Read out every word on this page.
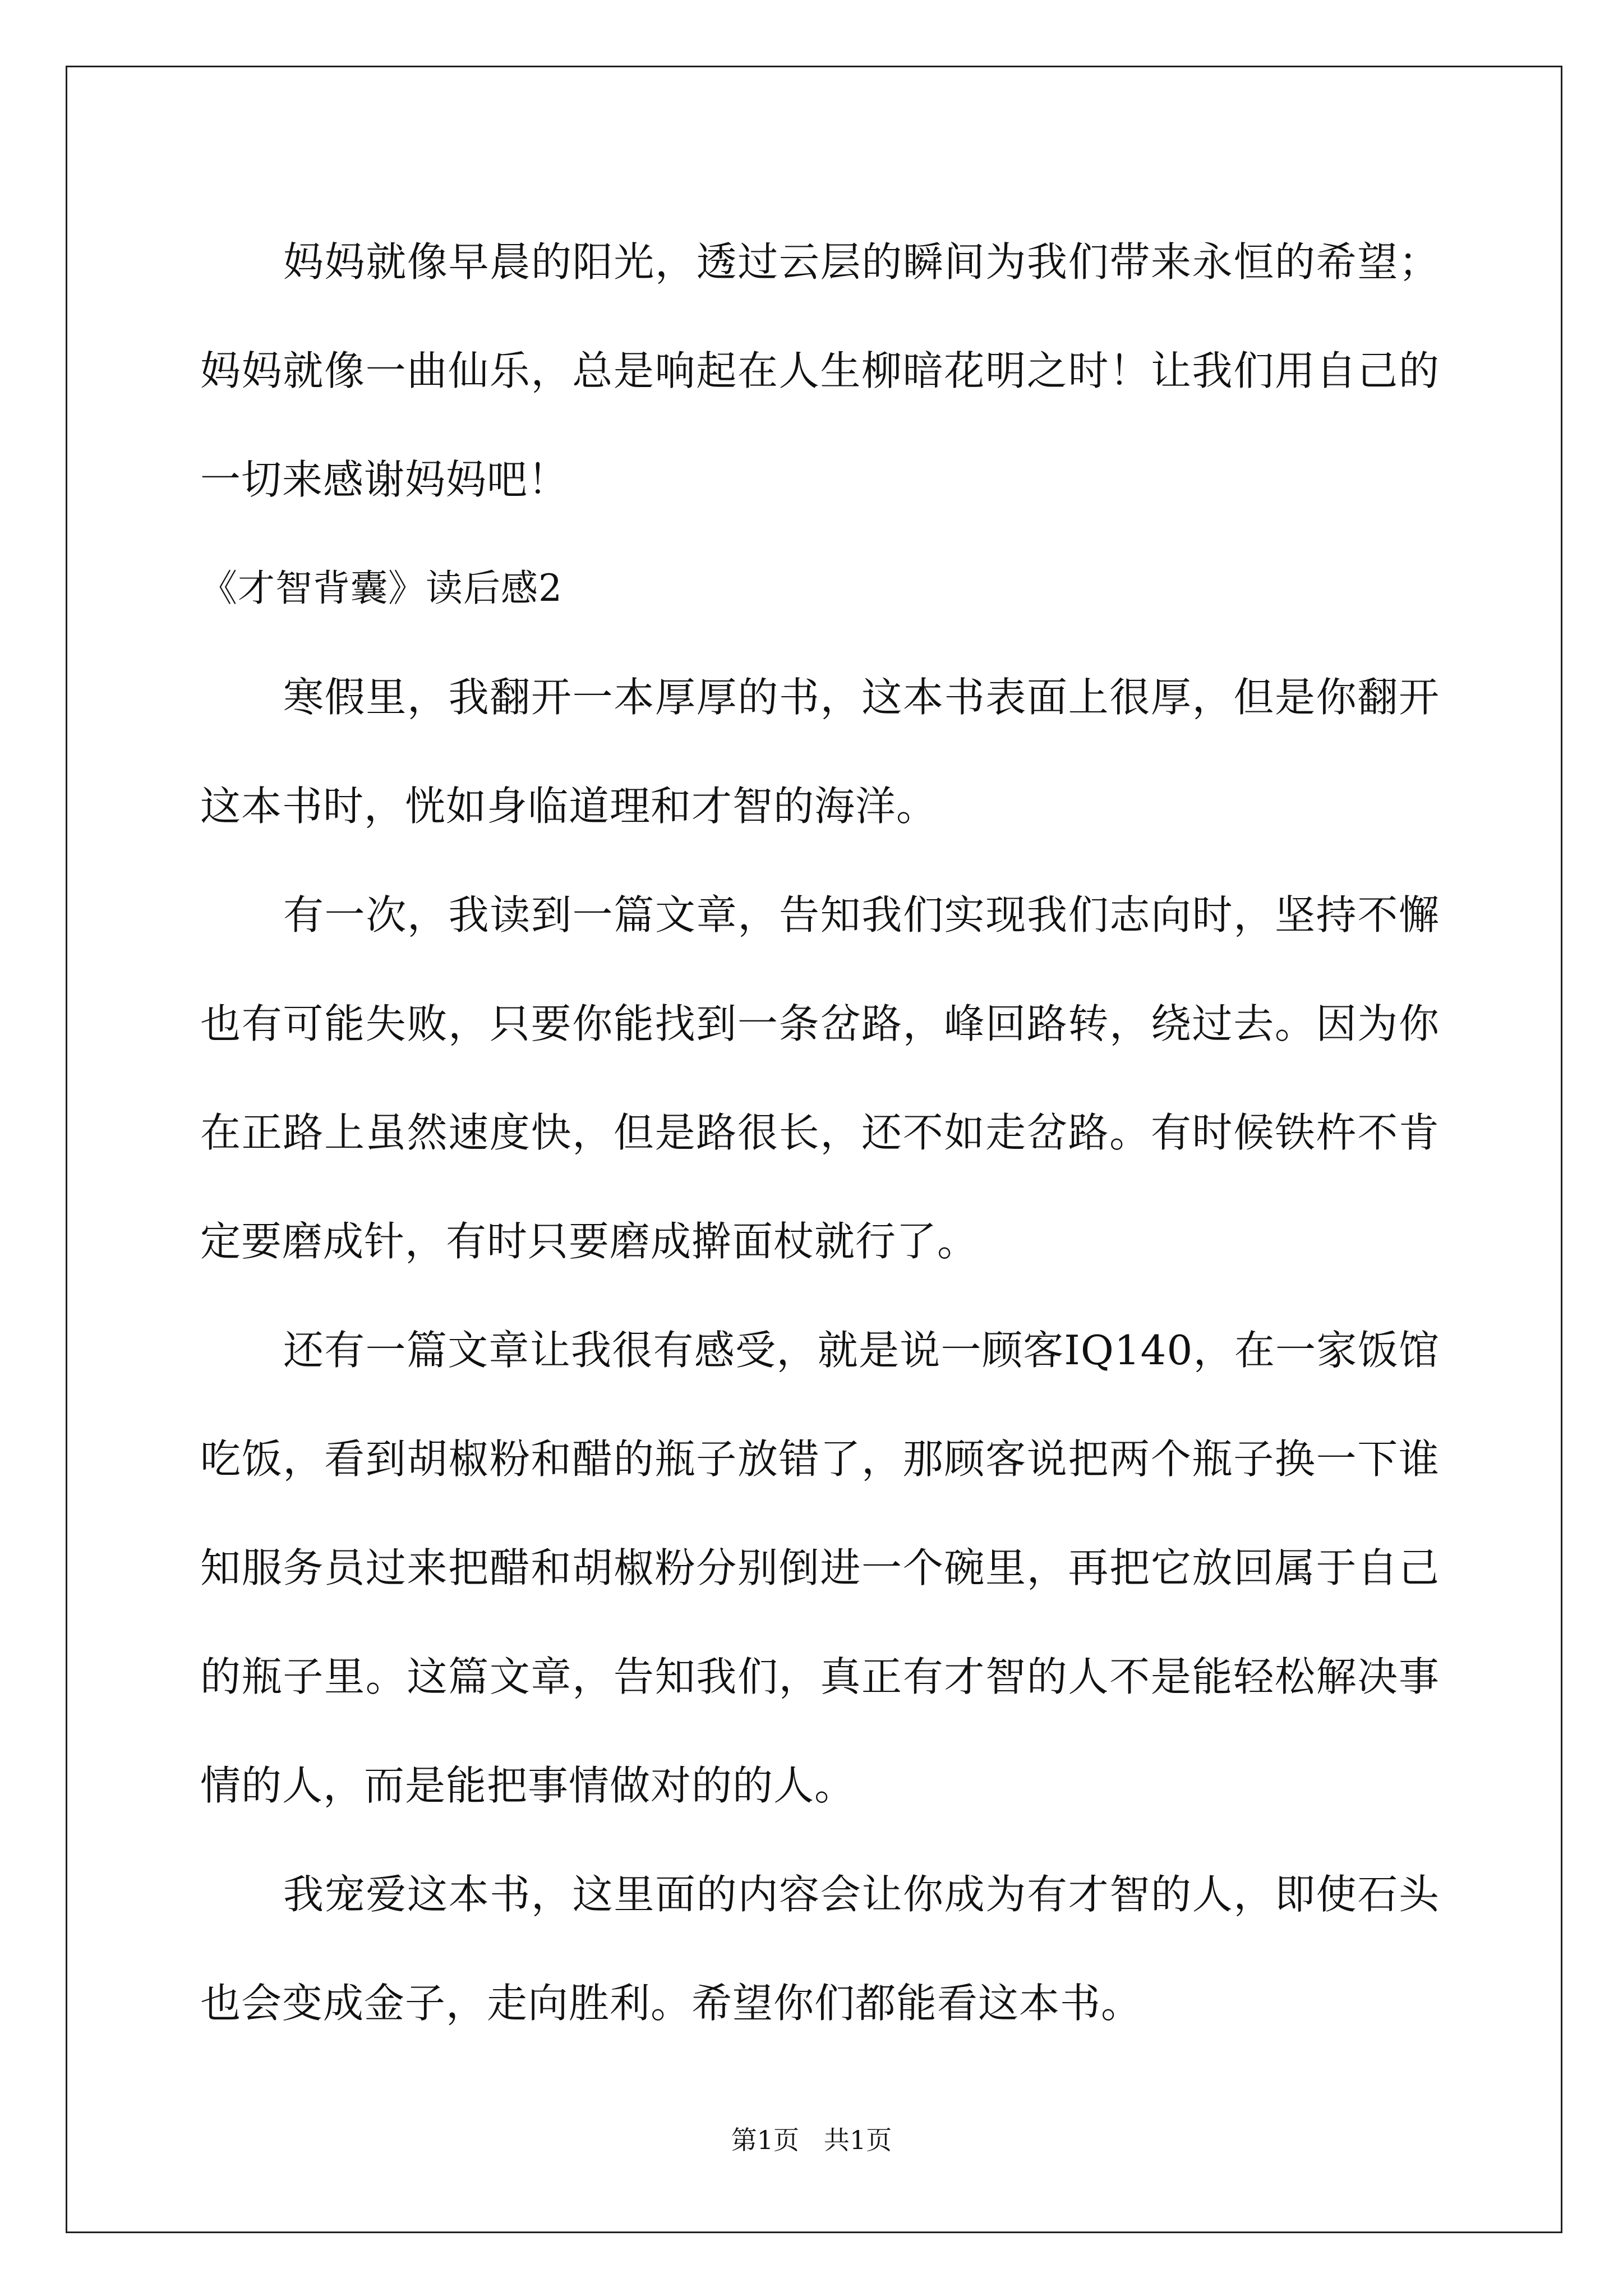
妈妈就像早晨的阳光，透过云层的瞬间为我们带来永恒的希望；妈妈就像一曲仙乐，总是响起在人生柳暗花明之时！让我们用自己的一切来感谢妈妈吧！

《才智背囊》读后感2

寒假里，我翻开一本厚厚的书，这本书表面上很厚，但是你翻开这本书时，恍如身临道理和才智的海洋。

有一次，我读到一篇文章，告知我们实现我们志向时，坚持不懈也有可能失败，只要你能找到一条岔路，峰回路转，绕过去。因为你在正路上虽然速度快，但是路很长，还不如走岔路。有时候铁杵不肯定要磨成针，有时只要磨成擀面杖就行了。

还有一篇文章让我很有感受，就是说一顾客IQ140，在一家饭馆吃饭，看到胡椒粉和醋的瓶子放错了，那顾客说把两个瓶子换一下谁知服务员过来把醋和胡椒粉分别倒进一个碗里，再把它放回属于自己的瓶子里。这篇文章，告知我们，真正有才智的人不是能轻松解决事情的人，而是能把事情做对的的人。

我宠爱这本书，这里面的内容会让你成为有才智的人，即使石头也会变成金子，走向胜利。希望你们都能看这本书。

第1页 共1页
